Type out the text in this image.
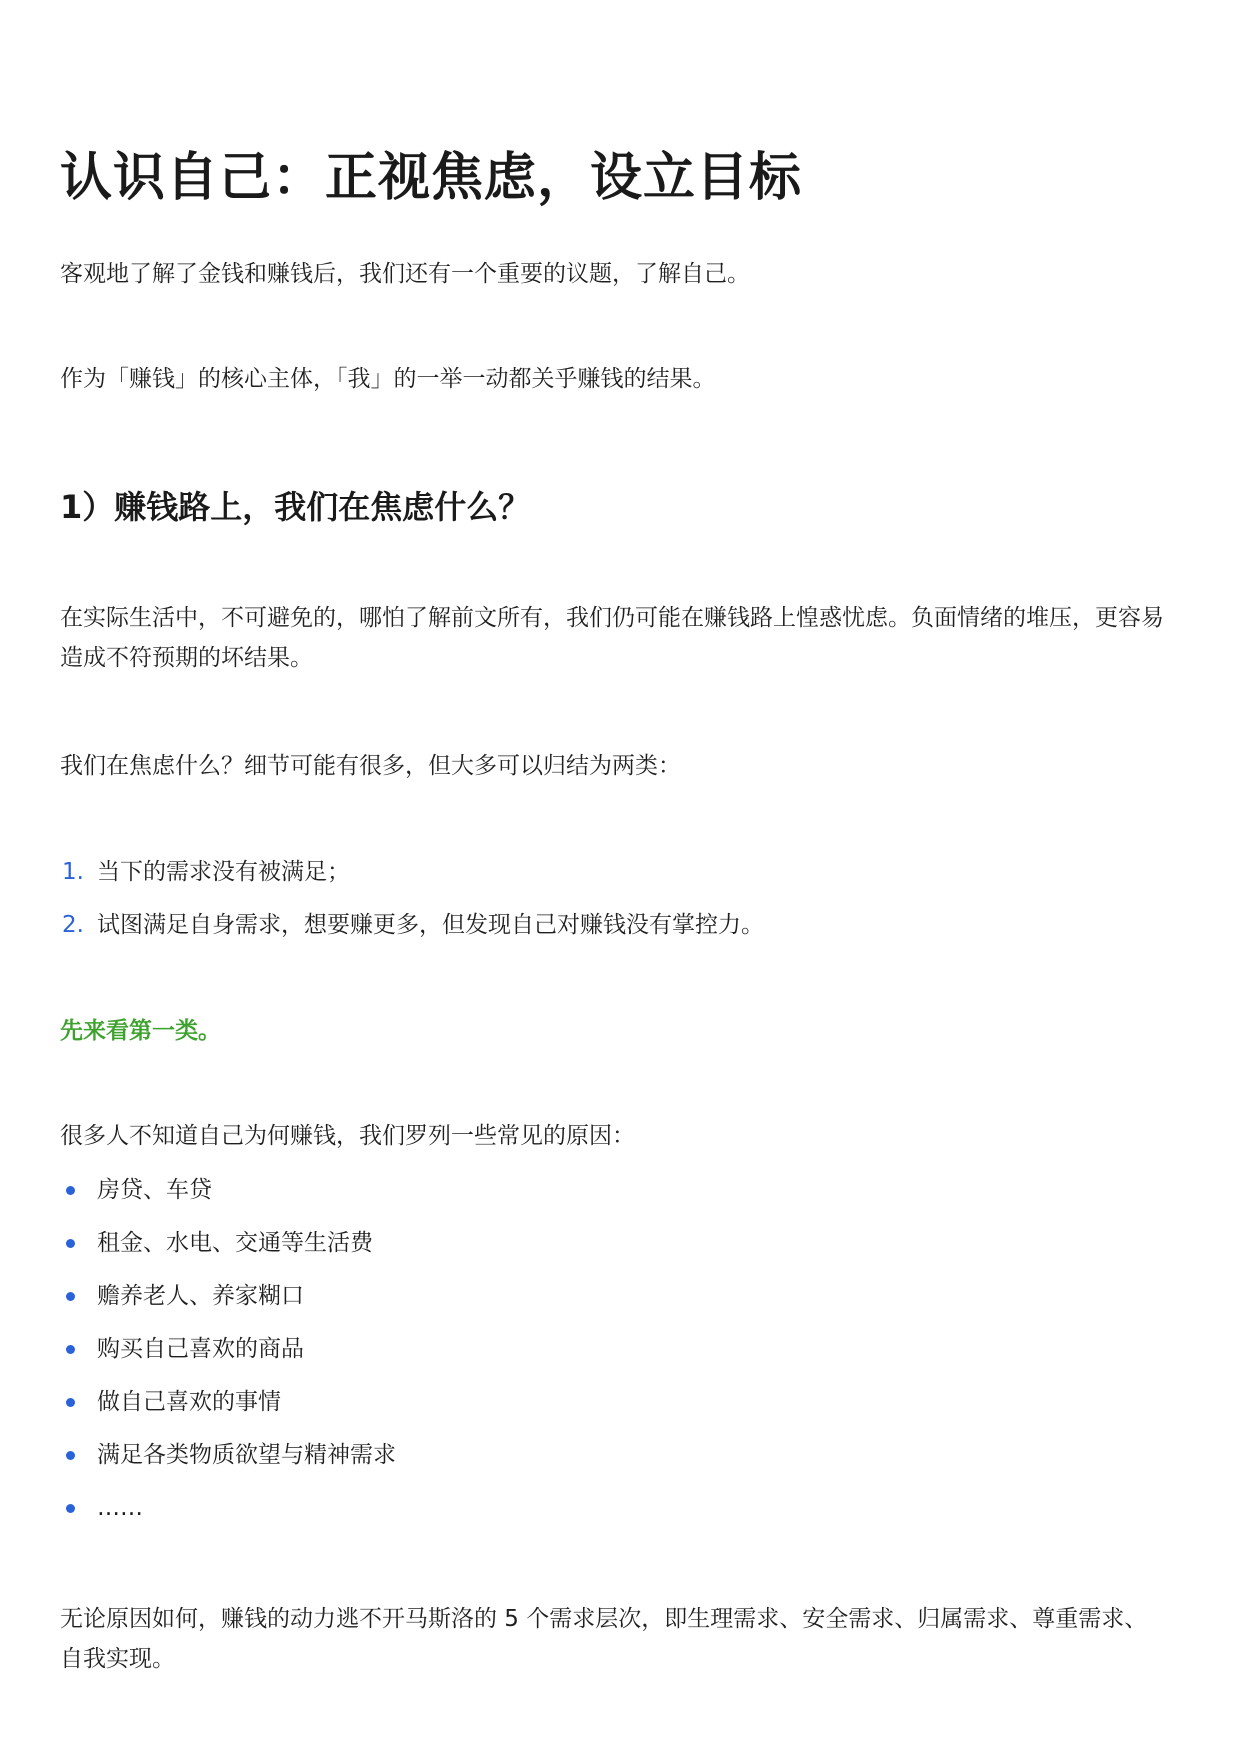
认识自己：正视焦虑，设立目标

客观地了解了金钱和赚钱后，我们还有一个重要的议题，了解自己。

作为「赚钱」的核心主体，「我」的一举一动都关乎赚钱的结果。

1）赚钱路上，我们在焦虑什么？

在实际生活中，不可避免的，哪怕了解前文所有，我们仍可能在赚钱路上惶惑忧虑。负面情绪的堆压，更容易造成不符预期的坏结果。

我们在焦虑什么？细节可能有很多，但大多可以归结为两类：

1. 当下的需求没有被满足；
2. 试图满足自身需求，想要赚更多，但发现自己对赚钱没有掌控力。

先来看第一类。

很多人不知道自己为何赚钱，我们罗列一些常见的原因：

房贷、车贷
租金、水电、交通等生活费
赡养老人、养家糊口
购买自己喜欢的商品
做自己喜欢的事情
满足各类物质欲望与精神需求
……

无论原因如何，赚钱的动力逃不开马斯洛的 5 个需求层次，即生理需求、安全需求、归属需求、尊重需求、自我实现。
